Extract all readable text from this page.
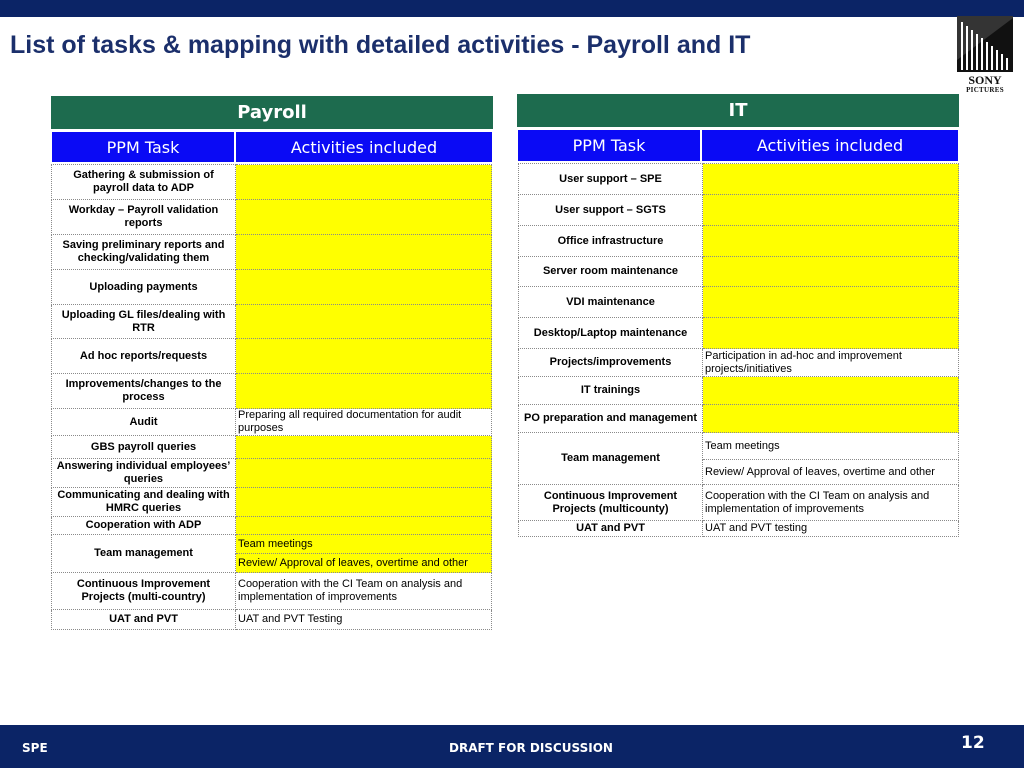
List of tasks & mapping with detailed activities - Payroll and IT
SONY
PICTURES
Payroll
PPM Task	Activities included
Gathering & submission of payroll data to ADP	
Workday – Payroll validation reports	
Saving preliminary reports and checking/validating them	
Uploading payments	
Uploading GL files/dealing with RTR	
Ad hoc reports/requests	
Improvements/changes to the process	
Audit	Preparing all required documentation for audit purposes
GBS payroll queries	
Answering individual employees’ queries	
Communicating and dealing with HMRC queries	
Cooperation with ADP	
Team management	Team meetings
	Review/ Approval of leaves, overtime and other
Continuous Improvement Projects (multi-country)	Cooperation with the CI Team on analysis and implementation of improvements
UAT and PVT	UAT and PVT Testing
IT
PPM Task	Activities included
User support – SPE	
User support – SGTS	
Office infrastructure	
Server room maintenance	
VDI maintenance	
Desktop/Laptop maintenance	
Projects/improvements	Participation in ad-hoc and improvement projects/initiatives
IT trainings	
PO preparation and management	
Team management	Team meetings
	Review/ Approval of leaves, overtime and other
Continuous Improvement Projects (multicounty)	Cooperation with the CI Team on analysis and implementation of improvements
UAT and PVT	UAT and PVT testing
SPE	DRAFT FOR DISCUSSION	12
